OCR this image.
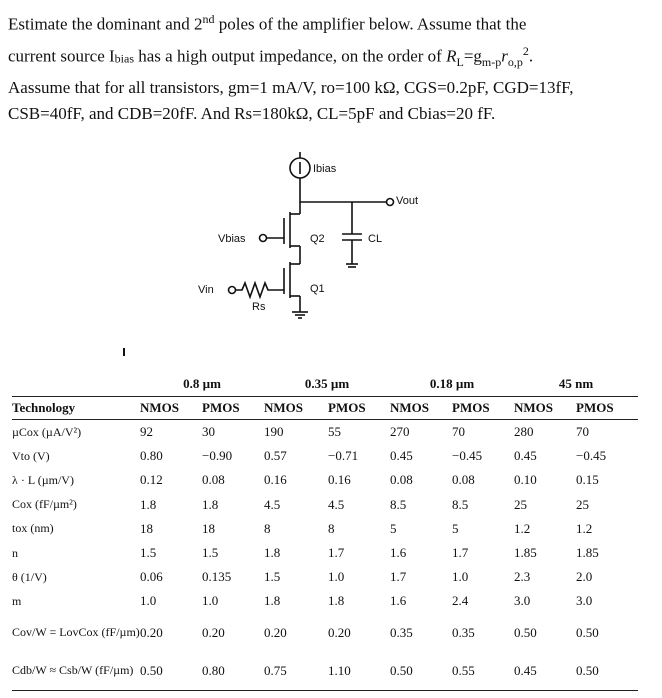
Estimate the dominant and 2nd poles of the amplifier below. Assume that the

current source $I_{bias}$ has a high output impedance, on the order of $R_L=g_{m-p}r_{o,p}^2$.

Aassume that for all transistors, gm=1 mA/V, ro=100 kΩ, CGS=0.2pF, CGD=13fF,

CSB=40fF, and CDB=20fF. And Rs=180kΩ, CL=5pF and Cbias=20 fF.

Ibias
Vout
Vbias	Q2	CL
Vin	Q1
Rs
	0.8 µm		0.35 µm		0.18 µm		45 nm	
Technology	NMOS	PMOS	NMOS	PMOS	NMOS	PMOS	NMOS	PMOS
µCox (µA/V²)	92	30	190	55	270	70	280	70
Vto (V)	0.80	−0.90	0.57	−0.71	0.45	−0.45	0.45	−0.45
λ · L (µm/V)	0.12	0.08	0.16	0.16	0.08	0.08	0.10	0.15
Cox (fF/µm²)	1.8	1.8	4.5	4.5	8.5	8.5	25	25
tox (nm)	18	18	8	8	5	5	1.2	1.2
n	1.5	1.5	1.8	1.7	1.6	1.7	1.85	1.85
θ (1/V)	0.06	0.135	1.5	1.0	1.7	1.0	2.3	2.0
m	1.0	1.0	1.8	1.8	1.6	2.4	3.0	3.0
Cov/W = LovCox (fF/µm)	0.20	0.20	0.20	0.20	0.35	0.35	0.50	0.50
Cdb/W ≈ Csb/W (fF/µm)	0.50	0.80	0.75	1.10	0.50	0.55	0.45	0.50
